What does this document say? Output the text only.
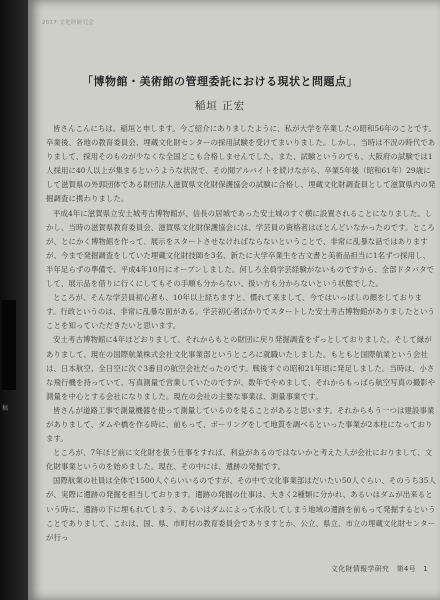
稿
2017 文化財研究会
「博物館・美術館の管理委託における現状と問題点」
稲垣 正宏

皆さんこんにちは。稲垣と申します。今ご紹介にありましたように、私が大学を卒業したの昭和56年のことです。卒業後、各地の教育委員会、埋蔵文化財センターの採用試験を受けてまいりました。しかし、当時は不況の時代でありまして、採用そのものが少なくな全国どこも合格しませんでした。また、試験というのでも、大阪府の試験では1人採用に40人以上が集まるというような状況で、その間アルバイトを続けながら、卒業5年後（昭和61年）29歳にして滋賀県の外郭団体である財団法人滋賀県文化財保護協会の試験に合格し、埋蔵文化財調査員として滋賀県内の発掘調査に携わりました。

平成4年に滋賀県立安土城考古博物館が、信長の居城であった安土城のすぐ横に設置されることになりました。しかし、当時の滋賀県教育委員会、滋賀県文化財保護協会には、学芸員の資格者はほとんどいなかったのです。ところが、とにかく博物館を作って、展示をスタートさせなければならないということで、非常に乱暴な話ではありますが、今まで発掘調査をしていた埋蔵文化財技師を3名、新たに大学卒業生を古文書と美術品担当に1名ずつ採用し、半年足らずの準備で、平成4年10月にオープンしました。何しろ全員学芸経験がないものですから、全部ドタバタでして、展示品を借りに行くにしてもその手順も分からない、扱い方も分からないという状態でした。

ところが、そんな学芸員初心者も、10年以上経ちますと、慣れて来まして、今ではいっぱしの顔をしております。行政というのは、非常に乱暴な面がある。学芸初心者ばかりでスタートした安土考古博物館がありましたということを知っていただきたいと思います。

安土考古博物館に4年ほどおりまして、それからもとの財団に戻り発掘調査をずっとしておりました。そして縁がありまして、現在の国際航業株式会社文化事業部というところに就職いたしました。もともと国際航業という会社は、日本航空、全日空に次ぐ3番目の航空会社だったのです。戦後すぐの昭和21年頃に発足しました。当時は、小さな飛行機を持っていて、写真測量で営業していたのですが、数年でやめまして、それからもっぱら航空写真の撮影や測量を中心とする会社になりました。現在の会社の主要な事業は、測量事業です。

皆さんが道路工事で測量機器を使って測量しているのを見ることがあると思います。それからもう一つは建設事業がありまして、ダムや橋を作る時に、前もって、ボーリングをして地質を調べるといった事業が2本柱になっております。

ところが、7年ほど前に文化財を扱う仕事をすれば、利益があるのではないかと考えた人が会社におりまして、文化財事業というのを始めました。現在、その中には、遺跡の発掘です。

国際航業の社員は全体で1500人ぐらいいるのですが、その中で文化事業部はだいたい50人ぐらい、そのうち35人が、実際に遺跡の発掘を担当しております。遺跡の発掘の仕事は、大きく2種類に分かれ、あるいはダムが出来るという時に、遺跡の下に埋もれてしまう、あるいはダムによって水没してしまう地域の遺跡を前もって発掘するということでありまして、これは、国、県、市町村の教育委員会でありますとか、公立、県立、市立の埋蔵文化財センターが行っ

文化財情報学研究　第4号　1
